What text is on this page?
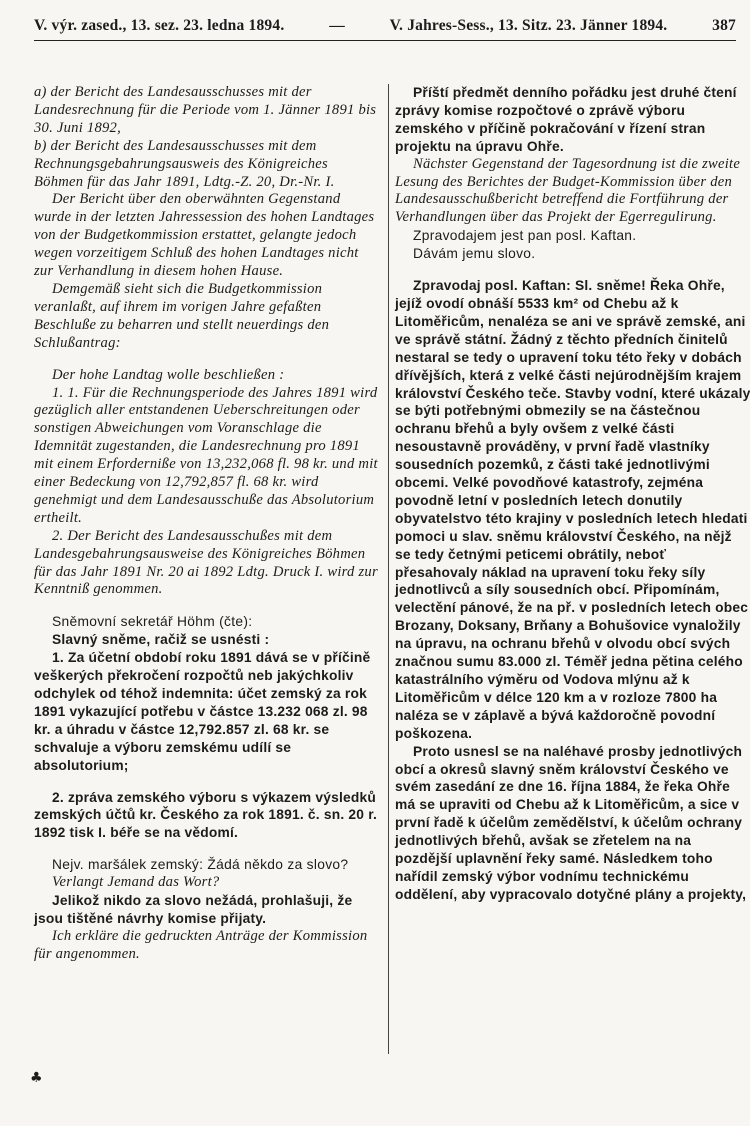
V. výr. zased., 13. sez. 23. ledna 1894.	—	V. Jahres-Sess., 13. Sitz. 23. Jänner 1894.	387

a) der Bericht des Landesausschusses mit der Landesrechnung für die Periode vom 1. Jänner 1891 bis 30. Juni 1892,

b) der Bericht des Landesausschusses mit dem Rechnungsgebahrungsausweis des Königreiches Böhmen für das Jahr 1891, Ldtg.-Z. 20, Dr.-Nr. I.

Der Bericht über den oberwähnten Gegenstand wurde in der letzten Jahressession des hohen Landtages von der Budgetkommission erstattet, gelangte jedoch wegen vorzeitigem Schluß des hohen Landtages nicht zur Verhandlung in diesem hohen Hause.

Demgemäß sieht sich die Budgetkommission veranlaßt, auf ihrem im vorigen Jahre gefaßten Beschluße zu beharren und stellt neuerdings den Schlußantrag:

Der hohe Landtag wolle beschließen :

1. 1. Für die Rechnungsperiode des Jahres 1891 wird gezüglich aller entstandenen Ueberschreitungen oder sonstigen Abweichungen vom Voranschlage die Idemnität zugestanden, die Landesrechnung pro 1891 mit einem Erforderniße von 13,232,068 fl. 98 kr. und mit einer Bedeckung von 12,792,857 fl. 68 kr. wird genehmigt und dem Landesausschuße das Absolutorium ertheilt.

2. Der Bericht des Landesausschußes mit dem Landesgebahrungsausweise des Königreiches Böhmen für das Jahr 1891 Nr. 20 ai 1892 Ldtg. Druck I. wird zur Kenntniß genommen.

Sněmovní sekretář Höhm (čte):

Slavný sněme, račiž se usnésti :

1. Za účetní období roku 1891 dává se v příčině veškerých překročení rozpočtů neb jakýchkoliv odchylek od téhož indemnita: účet zemský za rok 1891 vykazující potřebu v částce 13.232 068 zl. 98 kr. a úhradu v částce 12,792.857 zl. 68 kr. se schvaluje a výboru zemskému udílí se absolutorium;

2. zpráva zemského výboru s výkazem výsledků zemských účtů kr. Českého za rok 1891. č. sn. 20 r. 1892 tisk I. béře se na vědomí.

Nejv. maršálek zemský: Žádá někdo za slovo?

Verlangt Jemand das Wort?

Jelikož nikdo za slovo nežádá, prohlašuji, že jsou tištěné návrhy komise přijaty.

Ich erkläre die gedruckten Anträge der Kommission für angenommen.

Příští předmět denního pořádku jest druhé čtení zprávy komise rozpočtové o zprávě výboru zemského v příčině pokračování v řízení stran projektu na úpravu Ohře.

Nächster Gegenstand der Tagesordnung ist die zweite Lesung des Berichtes der Budget-Kommission über den Landesausschußbericht betreffend die Fortführung der Verhandlungen über das Projekt der Egerregulirung.

Zpravodajem jest pan posl. Kaftan.

Dávám jemu slovo.

Zpravodaj posl. Kaftan: Sl. sněme! Řeka Ohře, jejíž ovodí obnáší 5533 km² od Chebu až k Litoměřicům, nenaléza se ani ve správě zemské, ani ve správě státní. Žádný z těchto předních činitelů nestaral se tedy o upravení toku této řeky v dobách dřívějších, která z velké části nejúrodnějším krajem království Českého teče. Stavby vodní, které ukázaly se býti potřebnými obmezily se na částečnou ochranu břehů a byly ovšem z velké části nesoustavně prováděny, v první řadě vlastníky sousedních pozemků, z části také jednotlivými obcemi. Velké povodňové katastrofy, zejména povodně letní v posledních letech donutily obyvatelstvo této krajiny v posledních letech hledati pomoci u slav. sněmu království Českého, na nějž se tedy četnými peticemi obrátily, neboť přesahovaly náklad na upravení toku řeky síly jednotlivců a síly sousedních obcí. Připomínám, velectění pánové, že na př. v posledních letech obec Brozany, Doksany, Brňany a Bohušovice vynaložily na úpravu, na ochranu břehů v olvodu obcí svých značnou sumu 83.000 zl. Téměř jedna pětina celého katastrálního výměru od Vodova mlýnu až k Litoměřicům v délce 120 km a v rozloze 7800 ha naléza se v záplavě a bývá každoročně povodní poškozena.

Proto usnesl se na naléhavé prosby jednotlivých obcí a okresů slavný sněm království Českého ve svém zasedání ze dne 16. října 1884, že řeka Ohře má se upraviti od Chebu až k Litoměřicům, a sice v první řadě k účelům zemědělství, k účelům ochrany jednotlivých břehů, avšak se zřetelem na na pozdější uplavnění řeky samé. Následkem toho nařídil zemský výbor vodnímu technickému oddělení, aby vypracovalo dotyčné plány a projekty,

♣
